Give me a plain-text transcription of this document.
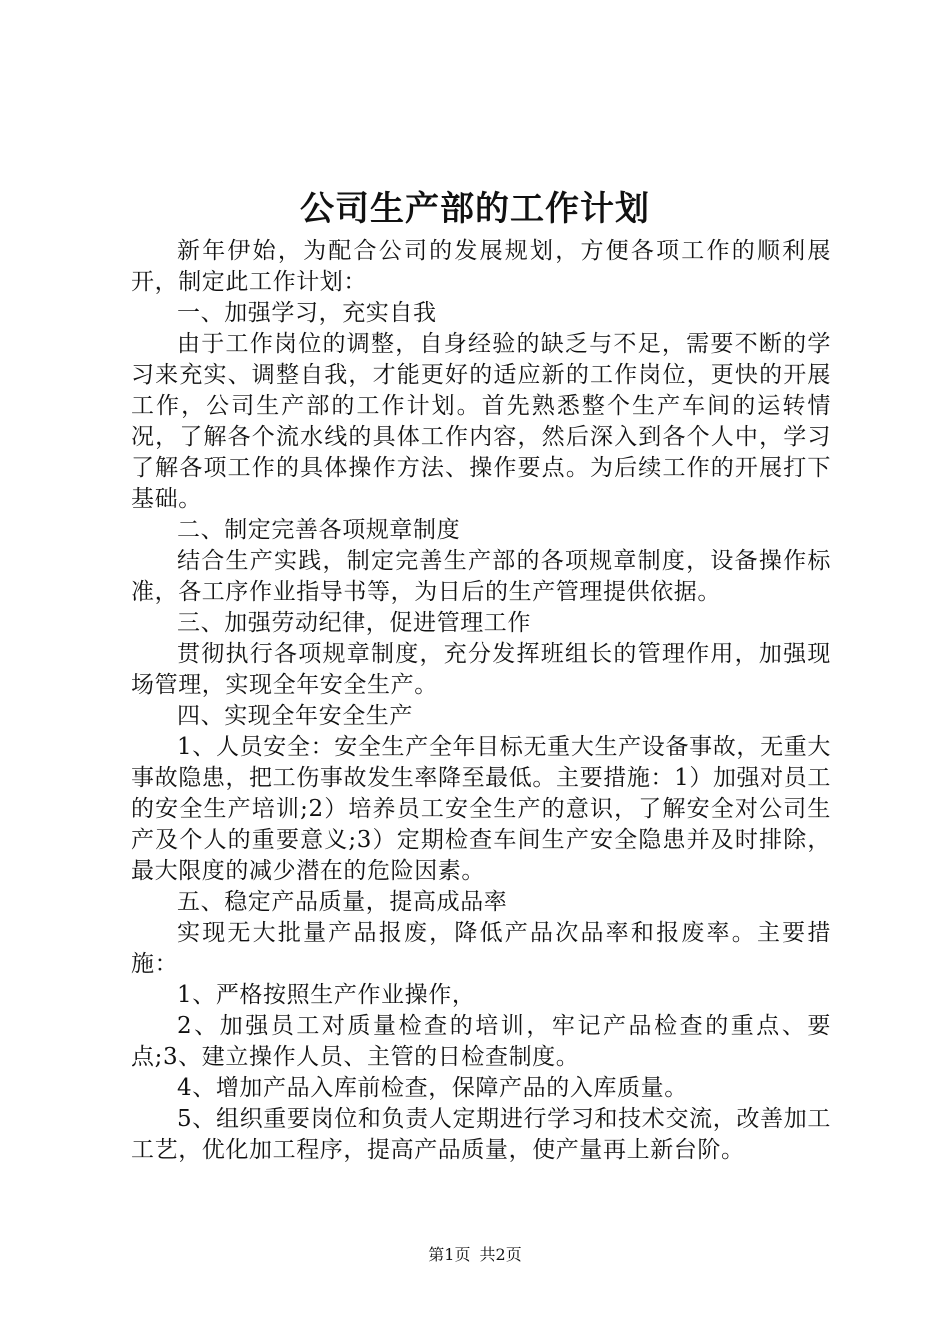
公司生产部的工作计划

新年伊始，为配合公司的发展规划，方便各项工作的顺利展开，制定此工作计划：

一、加强学习，充实自我

由于工作岗位的调整，自身经验的缺乏与不足，需要不断的学习来充实、调整自我，才能更好的适应新的工作岗位，更快的开展工作，公司生产部的工作计划。首先熟悉整个生产车间的运转情况，了解各个流水线的具体工作内容，然后深入到各个人中，学习了解各项工作的具体操作方法、操作要点。为后续工作的开展打下基础。

二、制定完善各项规章制度

结合生产实践，制定完善生产部的各项规章制度，设备操作标准，各工序作业指导书等，为日后的生产管理提供依据。

三、加强劳动纪律，促进管理工作

贯彻执行各项规章制度，充分发挥班组长的管理作用，加强现场管理，实现全年安全生产。

四、实现全年安全生产

1、人员安全：安全生产全年目标无重大生产设备事故，无重大事故隐患，把工伤事故发生率降至最低。主要措施：1）加强对员工的安全生产培训;2）培养员工安全生产的意识，了解安全对公司生产及个人的重要意义;3）定期检查车间生产安全隐患并及时排除，最大限度的减少潜在的危险因素。

五、稳定产品质量，提高成品率

实现无大批量产品报废，降低产品次品率和报废率。主要措施：

1、严格按照生产作业操作，

2、加强员工对质量检查的培训，牢记产品检查的重点、要点;3、建立操作人员、主管的日检查制度。

4、增加产品入库前检查，保障产品的入库质量。

5、组织重要岗位和负责人定期进行学习和技术交流，改善加工工艺，优化加工程序，提高产品质量，使产量再上新台阶。

第1页 共2页
